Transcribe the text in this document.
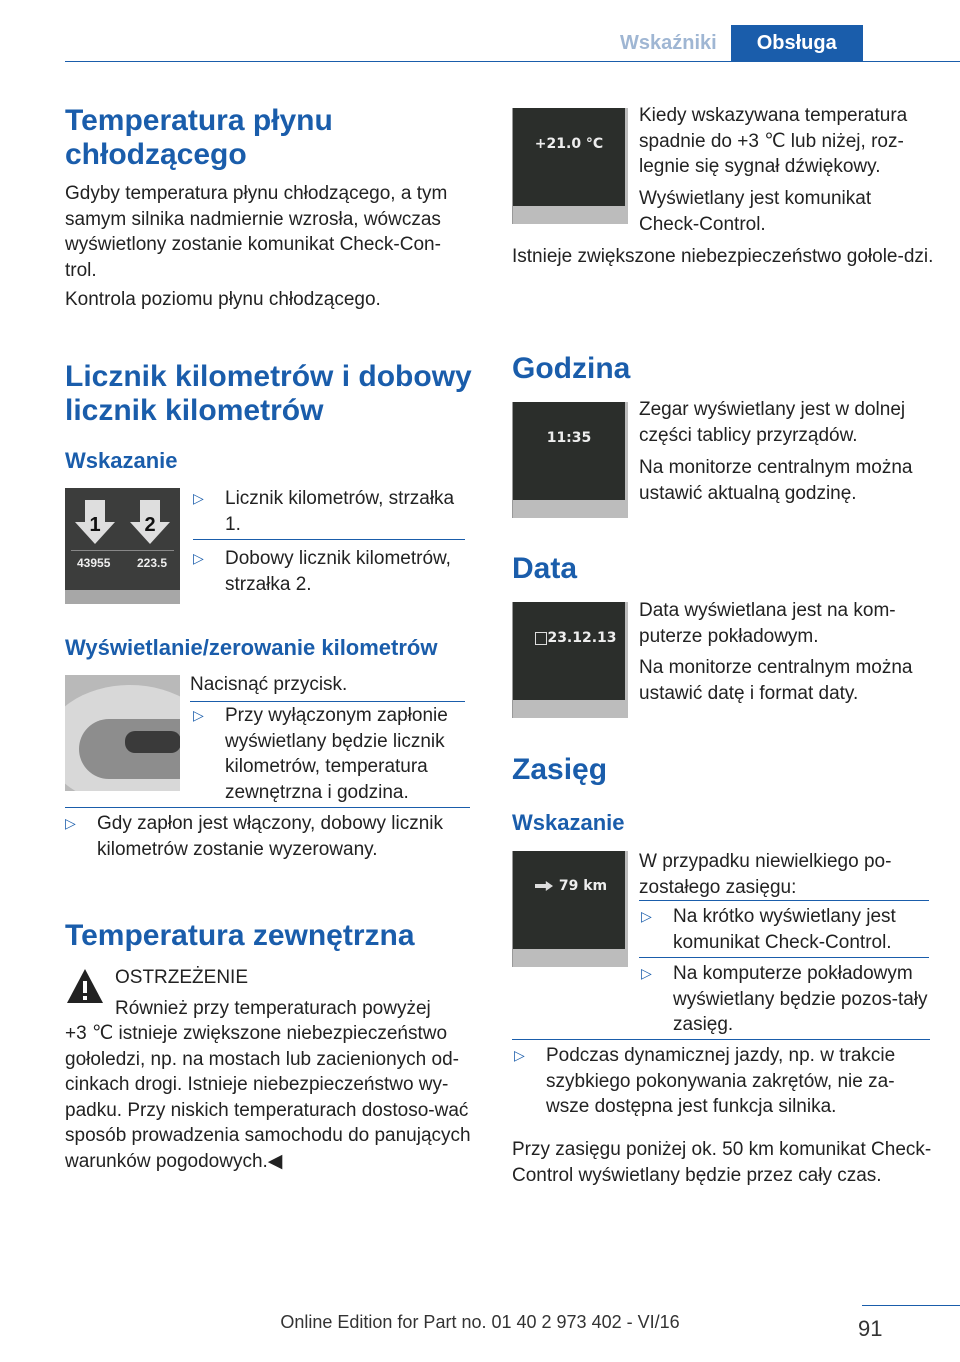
Wskaźniki	Obsługa
Temperatura płynu chłodzącego

Gdyby temperatura płynu chłodzącego, a tym samym silnika nadmiernie wzrosła, wówczas wyświetlony zostanie komunikat Check‐Con‐trol.

Kontrola poziomu płynu chłodzącego.

Licznik kilometrów i dobowy licznik kilometrów
Wskazanie
1	2
43955 223.5
▷ Licznik kilometrów, strzałka 1.
▷ Dobowy licznik kilometrów, strzałka 2.
Wyświetlanie/zerowanie kilometrów

Nacisnąć przycisk.

▷ Przy wyłączonym zapłonie wyświetlany będzie licznik kilometrów, temperatura zewnętrzna i godzina.
▷ Gdy zapłon jest włączony, dobowy licznik kilometrów zostanie wyzerowany.
Temperatura zewnętrzna
OSTRZEŻENIE
Również przy temperaturach powyżej

+3 ℃ istnieje zwiększone niebezpieczeństwo gołoledzi, np. na mostach lub zacienionych od‐cinkach drogi. Istnieje niebezpieczeństwo wy‐padku. Przy niskich temperaturach dostoso‐wać sposób prowadzenia samochodu do panujących warunków pogodowych.◀

+21.0 °C

Kiedy wskazywana temperatura spadnie do +3 ℃ lub niżej, roz‐legnie się sygnał dźwiękowy.

Wyświetlany jest komunikat Check-Control.

Istnieje zwiększone niebezpieczeństwo gołole‐dzi.

Godzina
11:35

Zegar wyświetlany jest w dolnej części tablicy przyrządów.

Na monitorze centralnym można ustawić aktualną godzinę.

Data
23.12.13

Data wyświetlana jest na kom‐puterze pokładowym.

Na monitorze centralnym można ustawić datę i format daty.

Zasięg
Wskazanie
79 km

W przypadku niewielkiego po‐zostałego zasięgu:

▷ Na krótko wyświetlany jest komunikat Check-Control.
▷ Na komputerze pokładowym wyświetlany będzie pozos‐tały zasięg.
▷ Podczas dynamicznej jazdy, np. w trakcie szybkiego pokonywania zakrętów, nie za‐wsze dostępna jest funkcja silnika.

Przy zasięgu poniżej ok. 50 km komunikat Check-Control wyświetlany będzie przez cały czas.

91
Online Edition for Part no. 01 40 2 973 402 - VI/16
